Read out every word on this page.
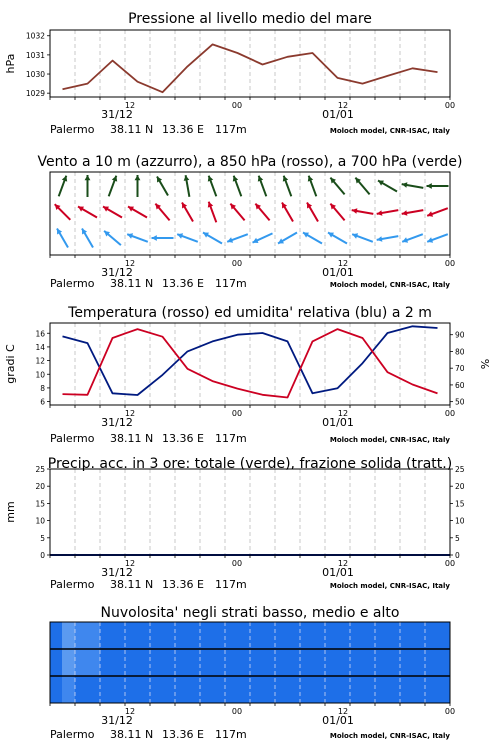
Pressione al livello medio del mare
1029
1030
1031
1032
hPa
12	00	12	00
31/12	01/01
Palermo 38.11 N 13.36 E 117m	Moloch model, CNR-ISAC, Italy
Vento a 10 m (azzurro), a 850 hPa (rosso), a 700 hPa (verde)
12	00	12	00
31/12	01/01
Palermo 38.11 N 13.36 E 117m	Moloch model, CNR-ISAC, Italy
Temperatura (rosso) ed umidita' relativa (blu) a 2 m
6
8
10
12
14
16
50
60
70
80
90
gradi C	%
12	00	12	00
31/12	01/01
Palermo 38.11 N 13.36 E 117m	Moloch model, CNR-ISAC, Italy
Precip. acc. in 3 ore: totale (verde), frazione solida (tratt.)
0
5
10
15
20
25
0
5
10
15
20
25
mm
12	00	12	00
31/12	01/01
Palermo 38.11 N 13.36 E 117m	Moloch model, CNR-ISAC, Italy
Nuvolosita' negli strati basso, medio e alto
12	00	12	00
31/12	01/01
Palermo 38.11 N 13.36 E 117m	Moloch model, CNR-ISAC, Italy
